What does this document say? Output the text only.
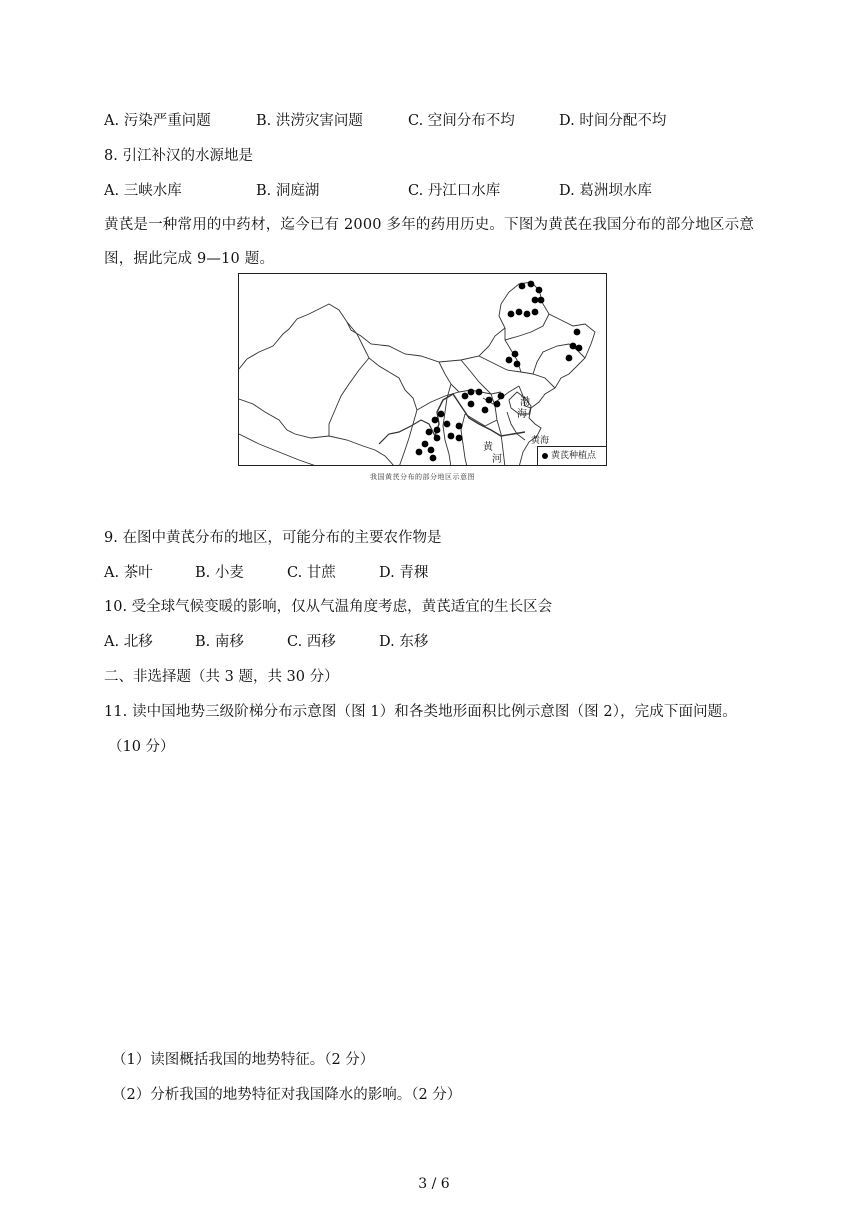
A. 污染严重问题	B. 洪涝灾害问题	C. 空间分布不均	D. 时间分配不均
8. 引江补汉的水源地是
A. 三峡水库	B. 洞庭湖	C. 丹江口水库	D. 葛洲坝水库
黄芪是一种常用的中药材，迄今已有 2000 多年的药用历史。下图为黄芪在我国分布的部分地区示意图，据此完成 9—10 题。
渤
海
黄
河
黄海
黄芪种植点
我国黄芪分布的部分地区示意图
9. 在图中黄芪分布的地区，可能分布的主要农作物是
A. 茶叶	B. 小麦	C. 甘蔗	D. 青稞
10. 受全球气候变暖的影响，仅从气温角度考虑，黄芪适宜的生长区会
A. 北移	B. 南移	C. 西移	D. 东移
二、非选择题（共 3 题，共 30 分）
11. 读中国地势三级阶梯分布示意图（图 1）和各类地形面积比例示意图（图 2），完成下面问题。
（10 分）
（1）读图概括我国的地势特征。（2 分）
（2）分析我国的地势特征对我国降水的影响。（2 分）
3 / 6
